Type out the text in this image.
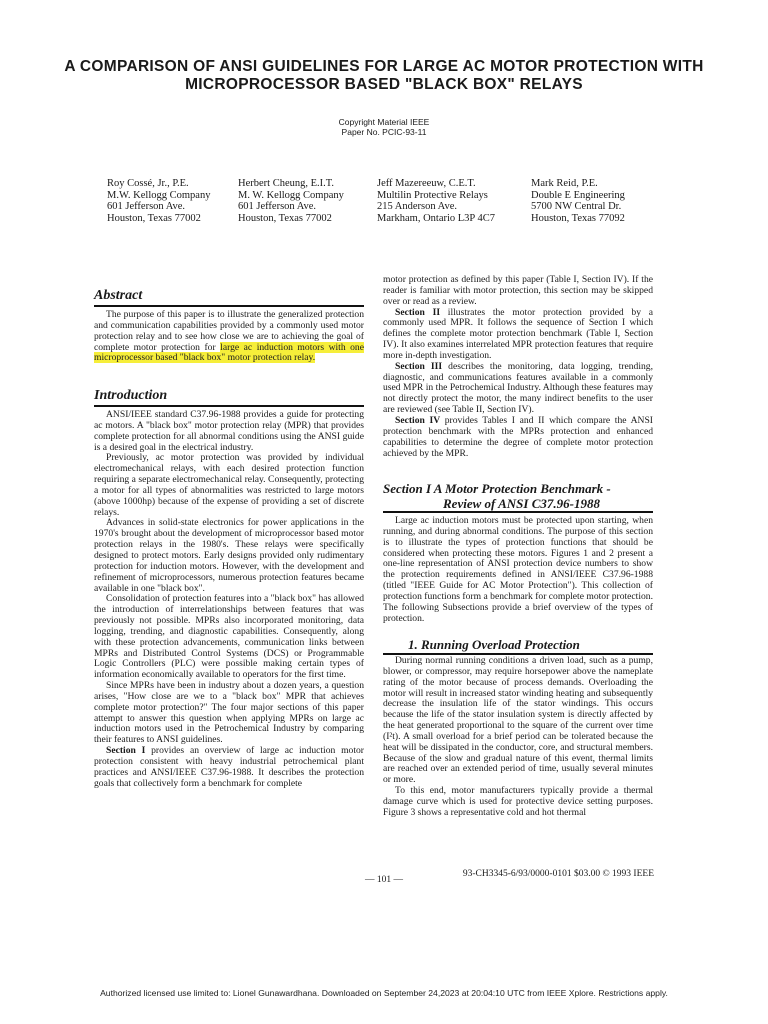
A COMPARISON OF ANSI GUIDELINES FOR LARGE AC MOTOR PROTECTION WITH MICROPROCESSOR BASED "BLACK BOX" RELAYS
Copyright Material IEEE
Paper No. PCIC-93-11
Roy Cossé, Jr., P.E.
M.W. Kellogg Company
601 Jefferson Ave.
Houston, Texas 77002
Herbert Cheung, E.I.T.
M. W. Kellogg Company
601 Jefferson Ave.
Houston, Texas 77002
Jeff Mazereeuw, C.E.T.
Multilin Protective Relays
215 Anderson Ave.
Markham, Ontario L3P 4C7
Mark Reid, P.E.
Double E Engineering
5700 NW Central Dr.
Houston, Texas 77092
Abstract

The purpose of this paper is to illustrate the generalized protection and communication capabilities provided by a commonly used motor protection relay and to see how close we are to achieving the goal of complete motor protection for large ac induction motors with one microprocessor based "black box" motor protection relay.

Introduction

ANSI/IEEE standard C37.96-1988 provides a guide for protecting ac motors. A "black box" motor protection relay (MPR) that provides complete protection for all abnormal conditions using the ANSI guide is a desired goal in the electrical industry.

Previously, ac motor protection was provided by individual electromechanical relays, with each desired protection function requiring a separate electromechanical relay. Consequently, protecting a motor for all types of abnormalities was restricted to large motors (above 1000hp) because of the expense of providing a set of discrete relays.

Advances in solid-state electronics for power applications in the 1970's brought about the development of microprocessor based motor protection relays in the 1980's. These relays were specifically designed to protect motors. Early designs provided only rudimentary protection for induction motors. However, with the development and refinement of microprocessors, numerous protection features became available in one "black box".

Consolidation of protection features into a "black box" has allowed the introduction of interrelationships between features that was previously not possible. MPRs also incorporated monitoring, data logging, trending, and diagnostic capabilities. Consequently, along with these protection advancements, communication links between MPRs and Distributed Control Systems (DCS) or Programmable Logic Controllers (PLC) were possible making certain types of information economically available to operators for the first time.

Since MPRs have been in industry about a dozen years, a question arises, "How close are we to a "black box" MPR that achieves complete motor protection?" The four major sections of this paper attempt to answer this question when applying MPRs on large ac induction motors used in the Petrochemical Industry by comparing their features to ANSI guidelines.

Section I provides an overview of large ac induction motor protection consistent with heavy industrial petrochemical plant practices and ANSI/IEEE C37.96-1988. It describes the protection goals that collectively form a benchmark for complete

motor protection as defined by this paper (Table I, Section IV). If the reader is familiar with motor protection, this section may be skipped over or read as a review.

Section II illustrates the motor protection provided by a commonly used MPR. It follows the sequence of Section I which defines the complete motor protection benchmark (Table I, Section IV). It also examines interrelated MPR protection features that require more in-depth investigation.

Section III describes the monitoring, data logging, trending, diagnostic, and communications features available in a commonly used MPR in the Petrochemical Industry. Although these features may not directly protect the motor, the many indirect benefits to the user are reviewed (see Table II, Section IV).

Section IV provides Tables I and II which compare the ANSI protection benchmark with the MPRs protection and enhanced capabilities to determine the degree of complete motor protection achieved by the MPR.

Section I A Motor Protection Benchmark -
Review of ANSI C37.96-1988

Large ac induction motors must be protected upon starting, when running, and during abnormal conditions. The purpose of this section is to illustrate the types of protection functions that should be considered when protecting these motors. Figures 1 and 2 present a one-line representation of ANSI protection device numbers to show the protection requirements defined in ANSI/IEEE C37.96-1988 (titled "IEEE Guide for AC Motor Protection"). This collection of protection functions form a benchmark for complete motor protection. The following Subsections provide a brief overview of the types of protection.

1. Running Overload Protection

During normal running conditions a driven load, such as a pump, blower, or compressor, may require horsepower above the nameplate rating of the motor because of process demands. Overloading the motor will result in increased stator winding heating and subsequently decrease the insulation life of the stator windings. This occurs because the life of the stator insulation system is directly affected by the heat generated proportional to the square of the current over time (I²t). A small overload for a brief period can be tolerated because the heat will be dissipated in the conductor, core, and structural members. Because of the slow and gradual nature of this event, thermal limits are reached over an extended period of time, usually several minutes or more.

To this end, motor manufacturers typically provide a thermal damage curve which is used for protective device setting purposes. Figure 3 shows a representative cold and hot thermal

— 101 —
93-CH3345-6/93/0000-0101 $03.00 © 1993 IEEE
Authorized licensed use limited to: Lionel Gunawardhana. Downloaded on September 24,2023 at 20:04:10 UTC from IEEE Xplore. Restrictions apply.
